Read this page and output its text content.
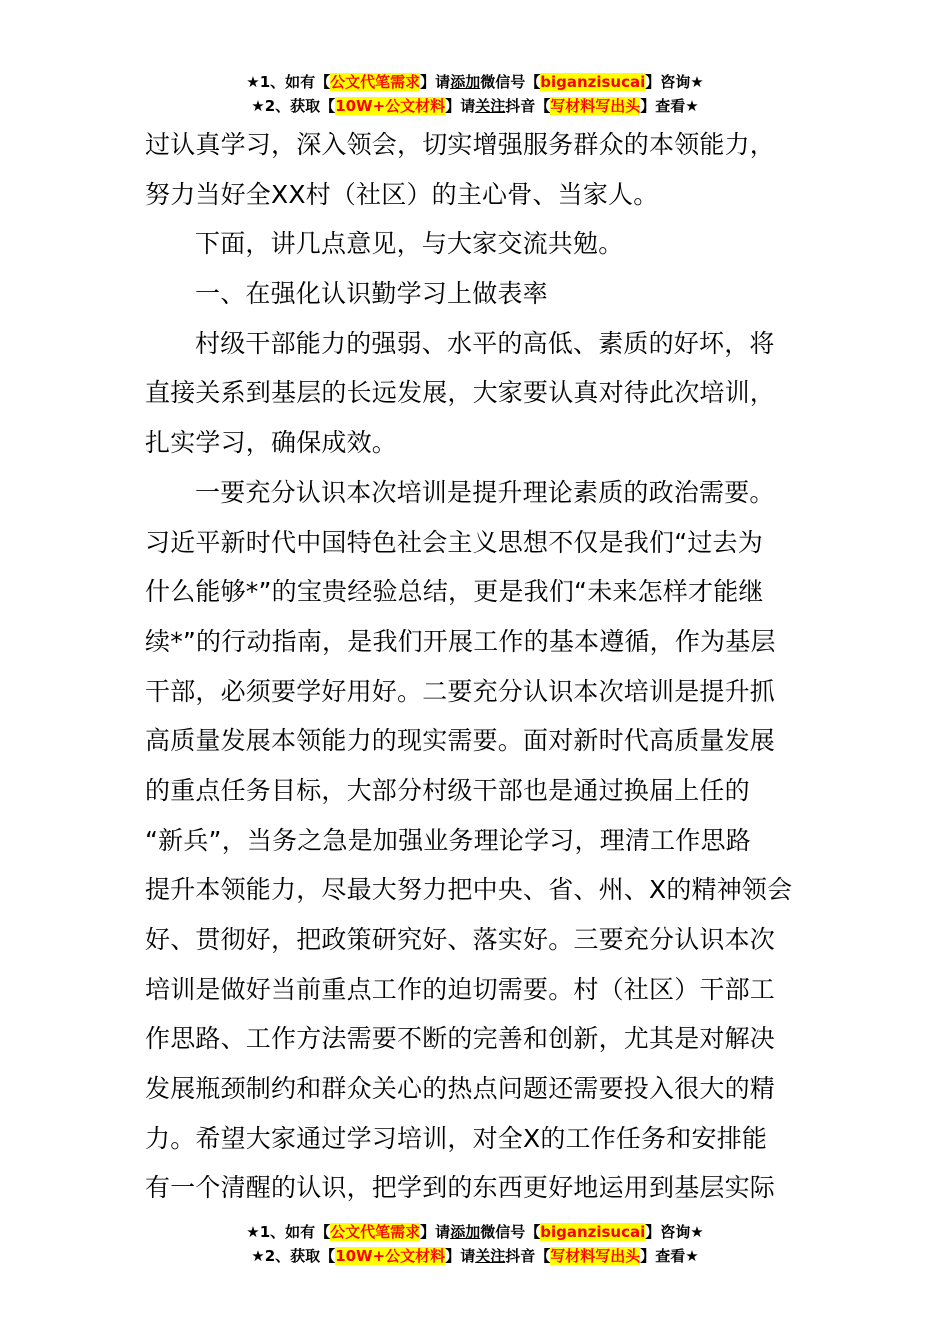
★1、如有【公文代笔需求】请添加微信号【biganzisucai】咨询★
★2、获取【10W+公文材料】请关注抖音【写材料写出头】查看★
过认真学习，深入领会，切实增强服务群众的本领能力，
努力当好全XX村（社区）的主心骨、当家人。
下面，讲几点意见，与大家交流共勉。
一、在强化认识勤学习上做表率
村级干部能力的强弱、水平的高低、素质的好坏，将
直接关系到基层的长远发展，大家要认真对待此次培训，
扎实学习，确保成效。
一要充分认识本次培训是提升理论素质的政治需要。
习近平新时代中国特色社会主义思想不仅是我们“过去为
什么能够*”的宝贵经验总结，更是我们“未来怎样才能继
续*”的行动指南，是我们开展工作的基本遵循，作为基层
干部，必须要学好用好。二要充分认识本次培训是提升抓
高质量发展本领能力的现实需要。面对新时代高质量发展
的重点任务目标，大部分村级干部也是通过换届上任的
“新兵”，当务之急是加强业务理论学习，理清工作思路
提升本领能力，尽最大努力把中央、省、州、X的精神领会
好、贯彻好，把政策研究好、落实好。三要充分认识本次
培训是做好当前重点工作的迫切需要。村（社区）干部工
作思路、工作方法需要不断的完善和创新，尤其是对解决
发展瓶颈制约和群众关心的热点问题还需要投入很大的精
力。希望大家通过学习培训，对全X的工作任务和安排能
有一个清醒的认识，把学到的东西更好地运用到基层实际
★1、如有【公文代笔需求】请添加微信号【biganzisucai】咨询★
★2、获取【10W+公文材料】请关注抖音【写材料写出头】查看★
